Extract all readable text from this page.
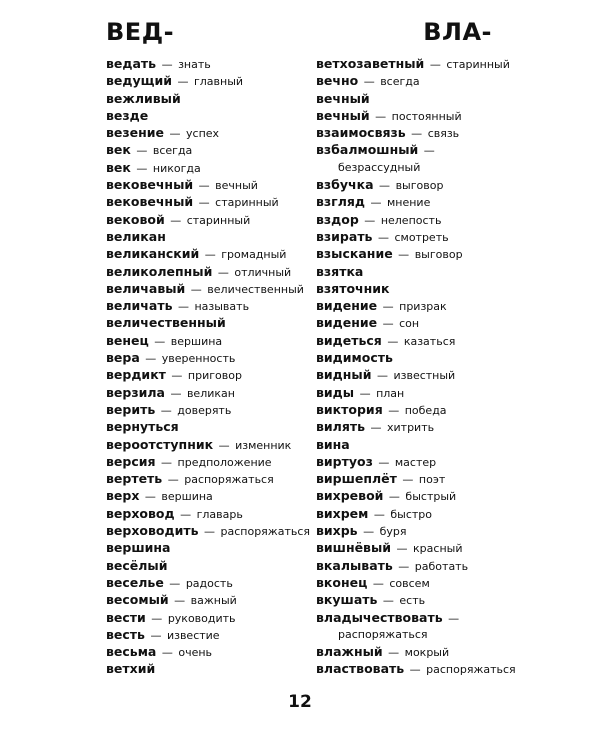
ВЕД-	ВЛА-
ведать — знать
ведущий — главный
вежливый
везде
везение — успех
век — всегда
век — никогда
вековечный — вечный
вековечный — старинный
вековой — старинный
великан
великанский — громадный
великолепный — отличный
величавый — величественный
величать — называть
величественный
венец — вершина
вера — уверенность
вердикт — приговор
верзила — великан
верить — доверять
вернуться
вероотступник — изменник
версия — предположение
вертеть — распоряжаться
верх — вершина
верховод — главарь
верховодить — распоряжаться
вершина
весёлый
веселье — радость
весомый — важный
вести — руководить
весть — известие
весьма — очень
ветхий
ветхозаветный — старинный
вечно — всегда
вечный
вечный — постоянный
взаимосвязь — связь
взбалмошный —
безрассудный
взбучка — выговор
взгляд — мнение
вздор — нелепость
взирать — смотреть
взыскание — выговор
взятка
взяточник
видение — призрак
видение — сон
видеться — казаться
видимость
видный — известный
виды — план
виктория — победа
вилять — хитрить
вина
виртуоз — мастер
виршеплёт — поэт
вихревой — быстрый
вихрем — быстро
вихрь — буря
вишнёвый — красный
вкалывать — работать
вконец — совсем
вкушать — есть
владычествовать —
распоряжаться
влажный — мокрый
властвовать — распоряжаться
12
